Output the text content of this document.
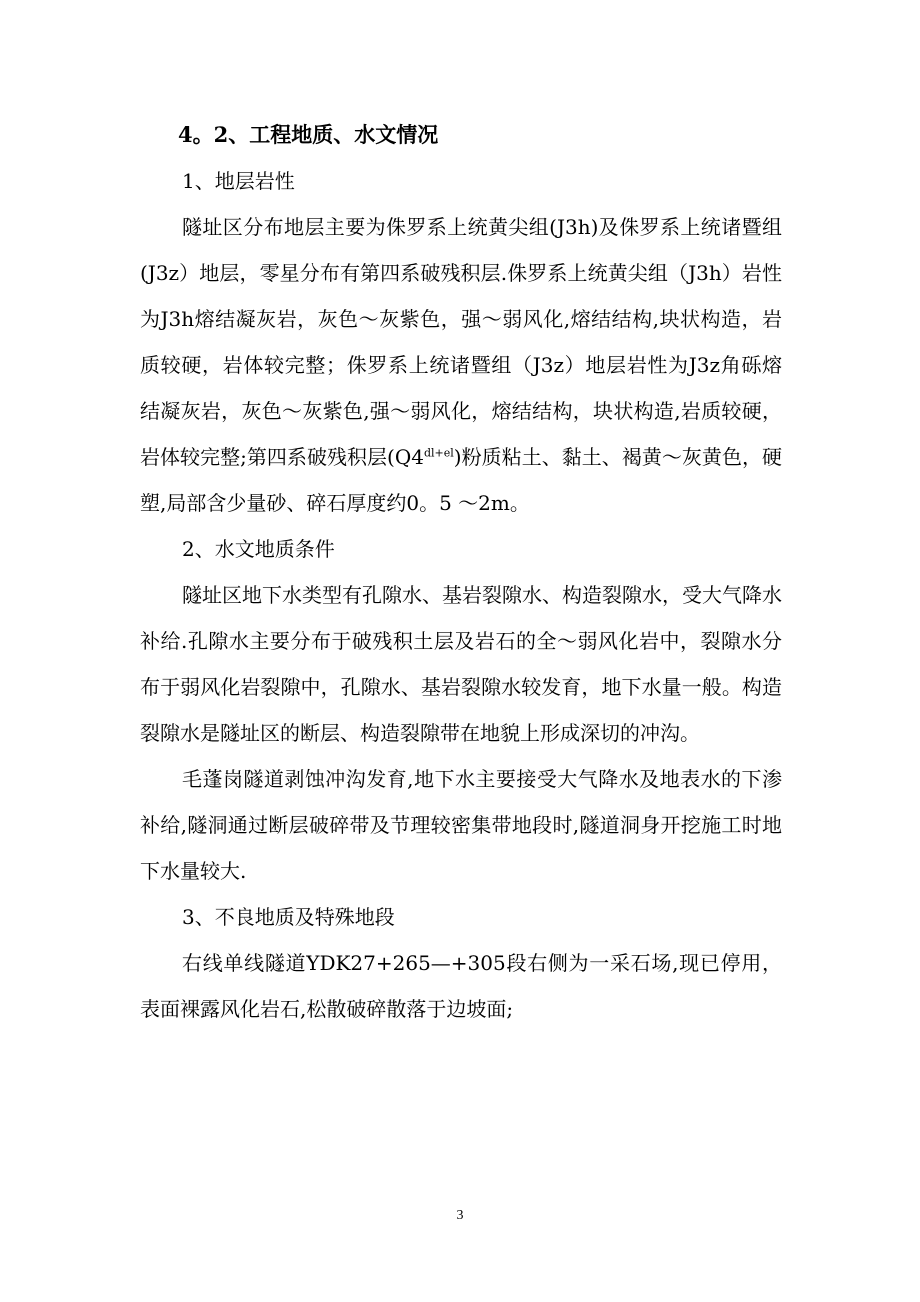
4。2、工程地质、水文情况
1、地层岩性

隧址区分布地层主要为侏罗系上统黄尖组(J3h)及侏罗系上统诸暨组(J3z）地层，零星分布有第四系破残积层.侏罗系上统黄尖组（J3h）岩性为J3h熔结凝灰岩，灰色～灰紫色，强～弱风化,熔结结构,块状构造，岩质较硬，岩体较完整；侏罗系上统诸暨组（J3z）地层岩性为J3z角砾熔结凝灰岩，灰色～灰紫色,强～弱风化，熔结结构，块状构造,岩质较硬，岩体较完整;第四系破残积层$(Q4^{dl+el})$粉质粘土、黏土、褐黄～灰黄色，硬塑,局部含少量砂、碎石厚度约0。5 ～2m。

2、水文地质条件

隧址区地下水类型有孔隙水、基岩裂隙水、构造裂隙水，受大气降水补给.孔隙水主要分布于破残积土层及岩石的全～弱风化岩中，裂隙水分布于弱风化岩裂隙中，孔隙水、基岩裂隙水较发育，地下水量一般。构造裂隙水是隧址区的断层、构造裂隙带在地貌上形成深切的冲沟。

毛蓬岗隧道剥蚀冲沟发育,地下水主要接受大气降水及地表水的下渗补给,隧洞通过断层破碎带及节理较密集带地段时,隧道洞身开挖施工时地下水量较大.

3、不良地质及特殊地段

右线单线隧道YDK27+265—+305段右侧为一采石场,现已停用，表面裸露风化岩石,松散破碎散落于边坡面;

3
